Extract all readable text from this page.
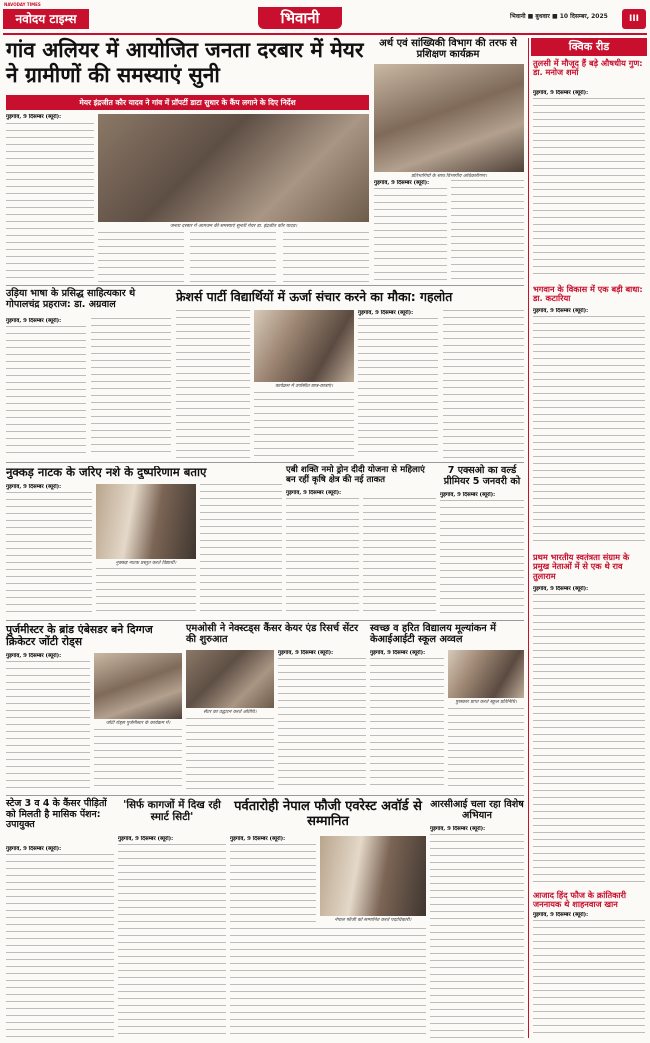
NAVODAY TIMES
नवोदय टाइम्स	भिवानी	भिवानी ■ बुधवार ■ 10 दिसम्बर, 2025	III
गांव अलियर में आयोजित जनता दरबार में मेयर ने ग्रामीणों की समस्याएं सुनी
मेयर इंद्रजीत कौर यादव ने गांव में प्रॉपर्टी डाटा सुधार के कैंप लगाने के दिए निर्देश
गुड़गांव, 9 दिसम्बर (ब्यूरो):
जनता दरबार में आमजन की समस्याएं सुनती मेयर डा. इंद्रजीत कौर यादव।
अर्थ एवं सांख्यिकी विभाग की तरफ से प्रशिक्षण कार्यक्रम
प्रतिभागियों के साथ विभागीय अधिकारीगण।
गुड़गांव, 9 दिसम्बर (ब्यूरो):
क्विक रीड
तुलसी में मौजूद हैं बड़े औषधीय गुण: डा. मनोज शर्मा
गुड़गांव, 9 दिसम्बर (ब्यूरो):
भगवान के विकास में एक बड़ी बाधा: डा. कटारिया
गुड़गांव, 9 दिसम्बर (ब्यूरो):
प्रथम भारतीय स्वतंत्रता संग्राम के प्रमुख नेताओं में से एक थे राव तुलाराम
गुड़गांव, 9 दिसम्बर (ब्यूरो):
आजाद हिंद फौज के क्रांतिकारी जननायक थे शाहनवाज खान
गुड़गांव, 9 दिसम्बर (ब्यूरो):
उड़िया भाषा के प्रसिद्ध साहित्यकार थे गोपालचंद्र प्रहराज: डा. अग्रवाल
गुड़गांव, 9 दिसम्बर (ब्यूरो):
फ्रेशर्स पार्टी विद्यार्थियों में ऊर्जा संचार करने का मौका: गहलोत
कार्यक्रम में उपस्थित छात्र-छात्राएं।
गुड़गांव, 9 दिसम्बर (ब्यूरो):
नुक्कड़ नाटक के जरिए नशे के दुष्परिणाम बताए
गुड़गांव, 9 दिसम्बर (ब्यूरो):
नुक्कड़ नाटक प्रस्तुत करते विद्यार्थी।
एबी शक्ति नमो ड्रोन दीदी योजना से महिलाएं बन रहीं कृषि क्षेत्र की नई ताकत
गुड़गांव, 9 दिसम्बर (ब्यूरो):
7 एक्सओ का वर्ल्ड प्रीमियर 5 जनवरी को
गुड़गांव, 9 दिसम्बर (ब्यूरो):
पुर्जमीस्टर के ब्रांड एंबेसडर बने दिग्गज क्रिकेटर जोंटी रोड्स
गुड़गांव, 9 दिसम्बर (ब्यूरो):
जोंटी रोड्स पुर्जमीस्टर के कार्यक्रम में।
एमओसी ने नेक्स्टड्स कैंसर केयर एंड रिसर्च सेंटर की शुरुआत
सेंटर का उद्घाटन करते अतिथि।
गुड़गांव, 9 दिसम्बर (ब्यूरो):
स्वच्छ व हरित विद्यालय मूल्यांकन में केआईआईटी स्कूल अव्वल
गुड़गांव, 9 दिसम्बर (ब्यूरो):
पुरस्कार प्राप्त करते स्कूल प्रतिनिधि।
स्टेज 3 व 4 के कैंसर पीड़ितों को मिलती है मासिक पेंशन: उपायुक्त
गुड़गांव, 9 दिसम्बर (ब्यूरो):
'सिर्फ कागजों में दिख रही स्मार्ट सिटी'
गुड़गांव, 9 दिसम्बर (ब्यूरो):
पर्वतारोही नेपाल फौजी एवरेस्ट अवॉर्ड से सम्मानित
गुड़गांव, 9 दिसम्बर (ब्यूरो):
नेपाल फौजी को सम्मानित करते पदाधिकारी।
आरसीआई चला रहा विशेष अभियान
गुड़गांव, 9 दिसम्बर (ब्यूरो):
